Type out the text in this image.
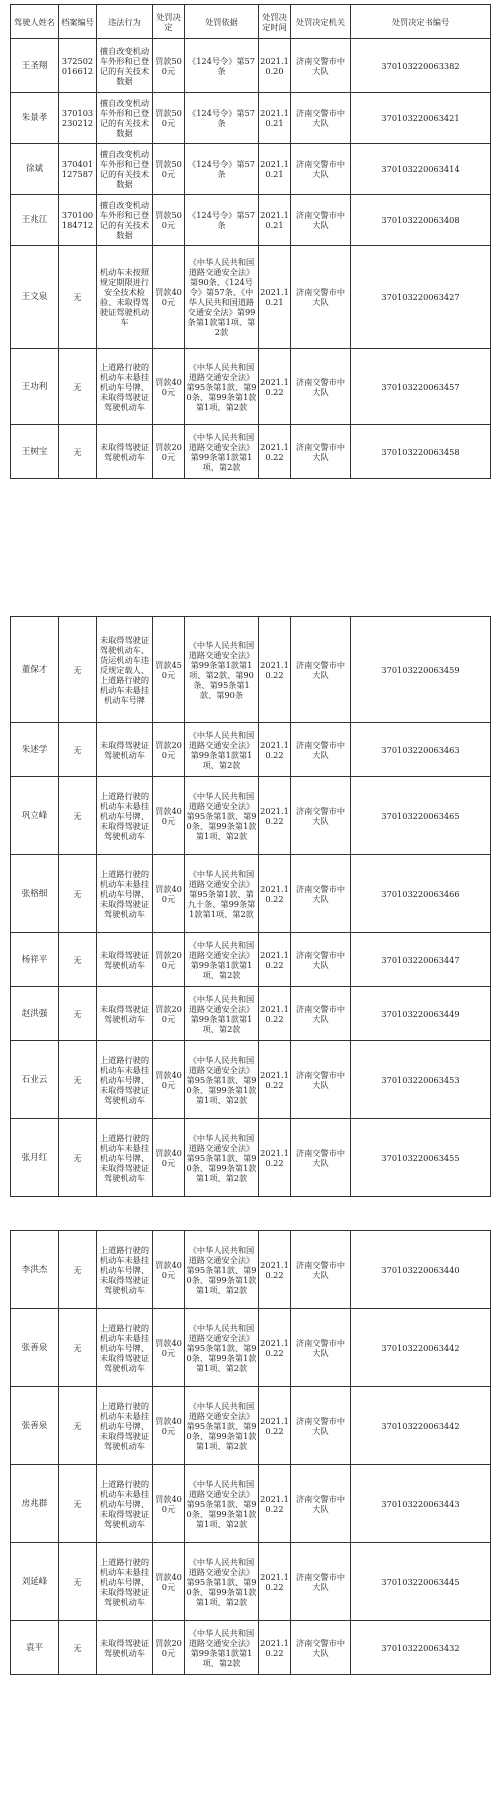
驾驶人姓名	档案编号	违法行为	处罚决定	处罚依据	处罚决定时间	处罚决定机关	处罚决定书编号
王圣翔	372502016612	擅自改变机动车外形和已登记的有关技术数据	罚款500元	《124号令》第57条	2021.10.20	济南交警市中大队	370103220063382
朱景孝	370103230212	擅自改变机动车外形和已登记的有关技术数据	罚款500元	《124号令》第57条	2021.10.21	济南交警市中大队	370103220063421
徐斌	370401127587	擅自改变机动车外形和已登记的有关技术数据	罚款500元	《124号令》第57条	2021.10.21	济南交警市中大队	370103220063414
王兆江	370100184712	擅自改变机动车外形和已登记的有关技术数据	罚款500元	《124号令》第57条	2021.10.21	济南交警市中大队	370103220063408
王文泉	无	机动车未按照规定期限进行安全技术检验、未取得驾驶证驾驶机动车	罚款400元	《中华人民共和国道路交通安全法》第90条、《124号令》第57条、《中华人民共和国道路交通安全法》第99条第1款第1项、第2款	2021.10.21	济南交警市中大队	370103220063427
王功利	无	上道路行驶的机动车未悬挂机动车号牌、未取得驾驶证驾驶机动车	罚款400元	《中华人民共和国道路交通安全法》第95条第1款、第90条、第99条第1款第1项、第2款	2021.10.22	济南交警市中大队	370103220063457
王树宝	无	未取得驾驶证驾驶机动车	罚款200元	《中华人民共和国道路交通安全法》第99条第1款第1项、第2款	2021.10.22	济南交警市中大队	370103220063458
董保才	无	未取得驾驶证驾驶机动车、货运机动车违反规定载人、上道路行驶的机动车未悬挂机动车号牌	罚款450元	《中华人民共和国道路交通安全法》第99条第1款第1项、第2款、第90条、第95条第1款、第90条	2021.10.22	济南交警市中大队	370103220063459
朱述学	无	未取得驾驶证驾驶机动车	罚款200元	《中华人民共和国道路交通安全法》第99条第1款第1项、第2款	2021.10.22	济南交警市中大队	370103220063463
巩立峰	无	上道路行驶的机动车未悬挂机动车号牌、未取得驾驶证驾驶机动车	罚款400元	《中华人民共和国道路交通安全法》第95条第1款、第90条、第99条第1款第1项、第2款	2021.10.22	济南交警市中大队	370103220063465
张格细	无	上道路行驶的机动车未悬挂机动车号牌、未取得驾驶证驾驶机动车	罚款400元	《中华人民共和国道路交通安全法》第95条第1款、第九十条、第99条第1款第1项、第2款	2021.10.22	济南交警市中大队	370103220063466
杨祥平	无	未取得驾驶证驾驶机动车	罚款200元	《中华人民共和国道路交通安全法》第99条第1款第1项、第2款	2021.10.22	济南交警市中大队	370103220063447
赵洪强	无	未取得驾驶证驾驶机动车	罚款200元	《中华人民共和国道路交通安全法》第99条第1款第1项、第2款	2021.10.22	济南交警市中大队	370103220063449
石业云	无	上道路行驶的机动车未悬挂机动车号牌、未取得驾驶证驾驶机动车	罚款400元	《中华人民共和国道路交通安全法》第95条第1款、第90条、第99条第1款第1项、第2款	2021.10.22	济南交警市中大队	370103220063453
张月红	无	上道路行驶的机动车未悬挂机动车号牌、未取得驾驶证驾驶机动车	罚款400元	《中华人民共和国道路交通安全法》第95条第1款、第90条、第99条第1款第1项、第2款	2021.10.22	济南交警市中大队	370103220063455
李洪杰	无	上道路行驶的机动车未悬挂机动车号牌、未取得驾驶证驾驶机动车	罚款400元	《中华人民共和国道路交通安全法》第95条第1款、第90条、第99条第1款第1项、第2款	2021.10.22	济南交警市中大队	370103220063440
张善泉	无	上道路行驶的机动车未悬挂机动车号牌、未取得驾驶证驾驶机动车	罚款400元	《中华人民共和国道路交通安全法》第95条第1款、第90条、第99条第1款第1项、第2款	2021.10.22	济南交警市中大队	370103220063442
张善泉	无	上道路行驶的机动车未悬挂机动车号牌、未取得驾驶证驾驶机动车	罚款400元	《中华人民共和国道路交通安全法》第95条第1款、第90条、第99条第1款第1项、第2款	2021.10.22	济南交警市中大队	370103220063442
房兆群	无	上道路行驶的机动车未悬挂机动车号牌、未取得驾驶证驾驶机动车	罚款400元	《中华人民共和国道路交通安全法》第95条第1款、第90条、第99条第1款第1项、第2款	2021.10.22	济南交警市中大队	370103220063443
刘延峰	无	上道路行驶的机动车未悬挂机动车号牌、未取得驾驶证驾驶机动车	罚款400元	《中华人民共和国道路交通安全法》第95条第1款、第90条、第99条第1款第1项、第2款	2021.10.22	济南交警市中大队	370103220063445
袁平	无	未取得驾驶证驾驶机动车	罚款200元	《中华人民共和国道路交通安全法》第99条第1款第1项、第2款	2021.10.22	济南交警市中大队	370103220063432
